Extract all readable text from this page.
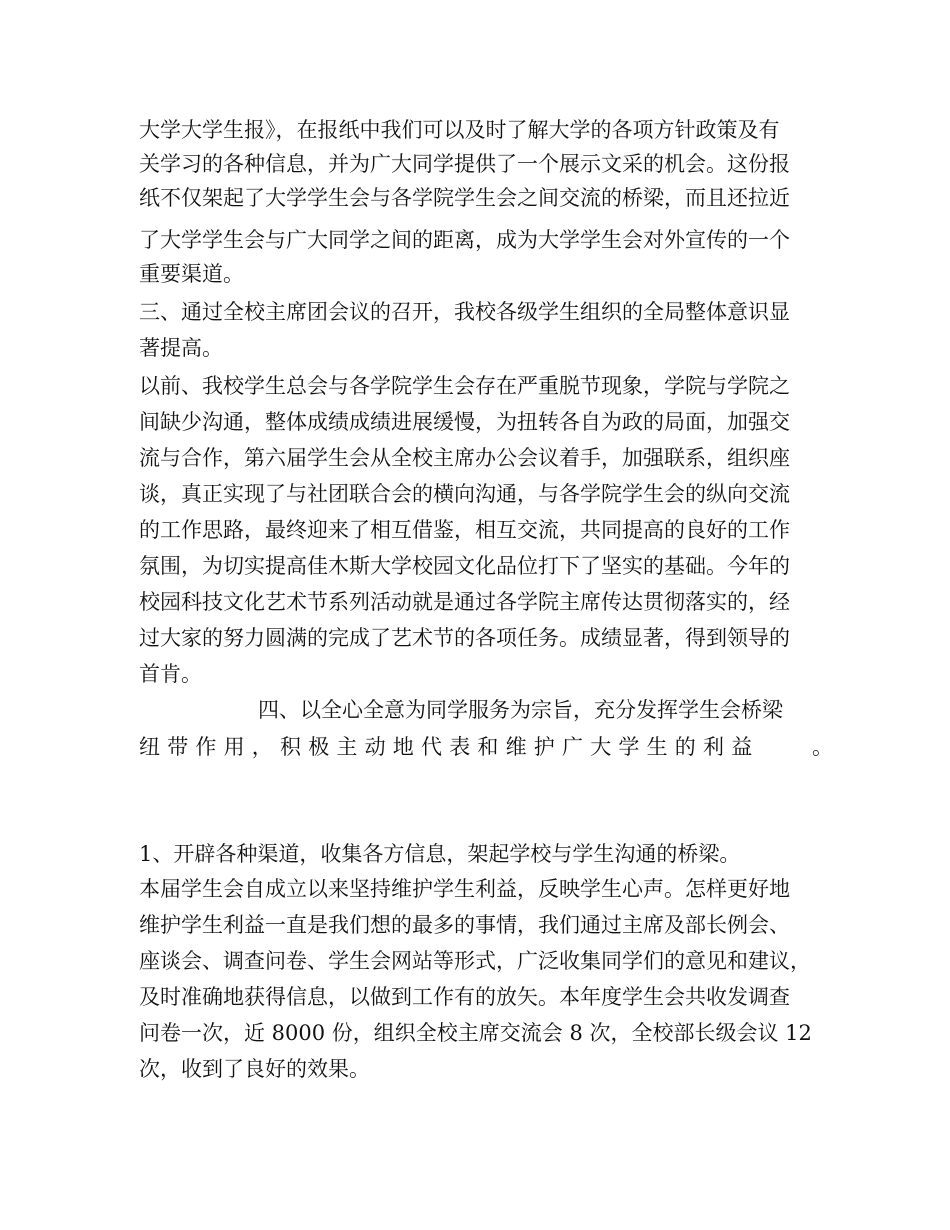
大学大学生报》，在报纸中我们可以及时了解大学的各项方针政策及有
关学习的各种信息，并为广大同学提供了一个展示文采的机会。这份报
纸不仅架起了大学学生会与各学院学生会之间交流的桥梁，而且还拉近
了大学学生会与广大同学之间的距离，成为大学学生会对外宣传的一个
重要渠道。
三、通过全校主席团会议的召开，我校各级学生组织的全局整体意识显
著提高。
以前、我校学生总会与各学院学生会存在严重脱节现象，学院与学院之
间缺少沟通，整体成绩成绩进展缓慢，为扭转各自为政的局面，加强交
流与合作，第六届学生会从全校主席办公会议着手，加强联系，组织座
谈，真正实现了与社团联合会的横向沟通，与各学院学生会的纵向交流
的工作思路，最终迎来了相互借鉴，相互交流，共同提高的良好的工作
氛围，为切实提高佳木斯大学校园文化品位打下了坚实的基础。今年的
校园科技文化艺术节系列活动就是通过各学院主席传达贯彻落实的，经
过大家的努力圆满的完成了艺术节的各项任务。成绩显著，得到领导的
首肯。
四、以全心全意为同学服务为宗旨，充分发挥学生会桥梁
纽带作用，积极主动地代表和维护广大学生的利益	。
1、开辟各种渠道，收集各方信息，架起学校与学生沟通的桥梁。
本届学生会自成立以来坚持维护学生利益，反映学生心声。怎样更好地
维护学生利益一直是我们想的最多的事情，我们通过主席及部长例会、
座谈会、调查问卷、学生会网站等形式，广泛收集同学们的意见和建议，
及时准确地获得信息，以做到工作有的放矢。本年度学生会共收发调查
问卷一次，近 8000 份，组织全校主席交流会 8 次，全校部长级会议 12
次，收到了良好的效果。
